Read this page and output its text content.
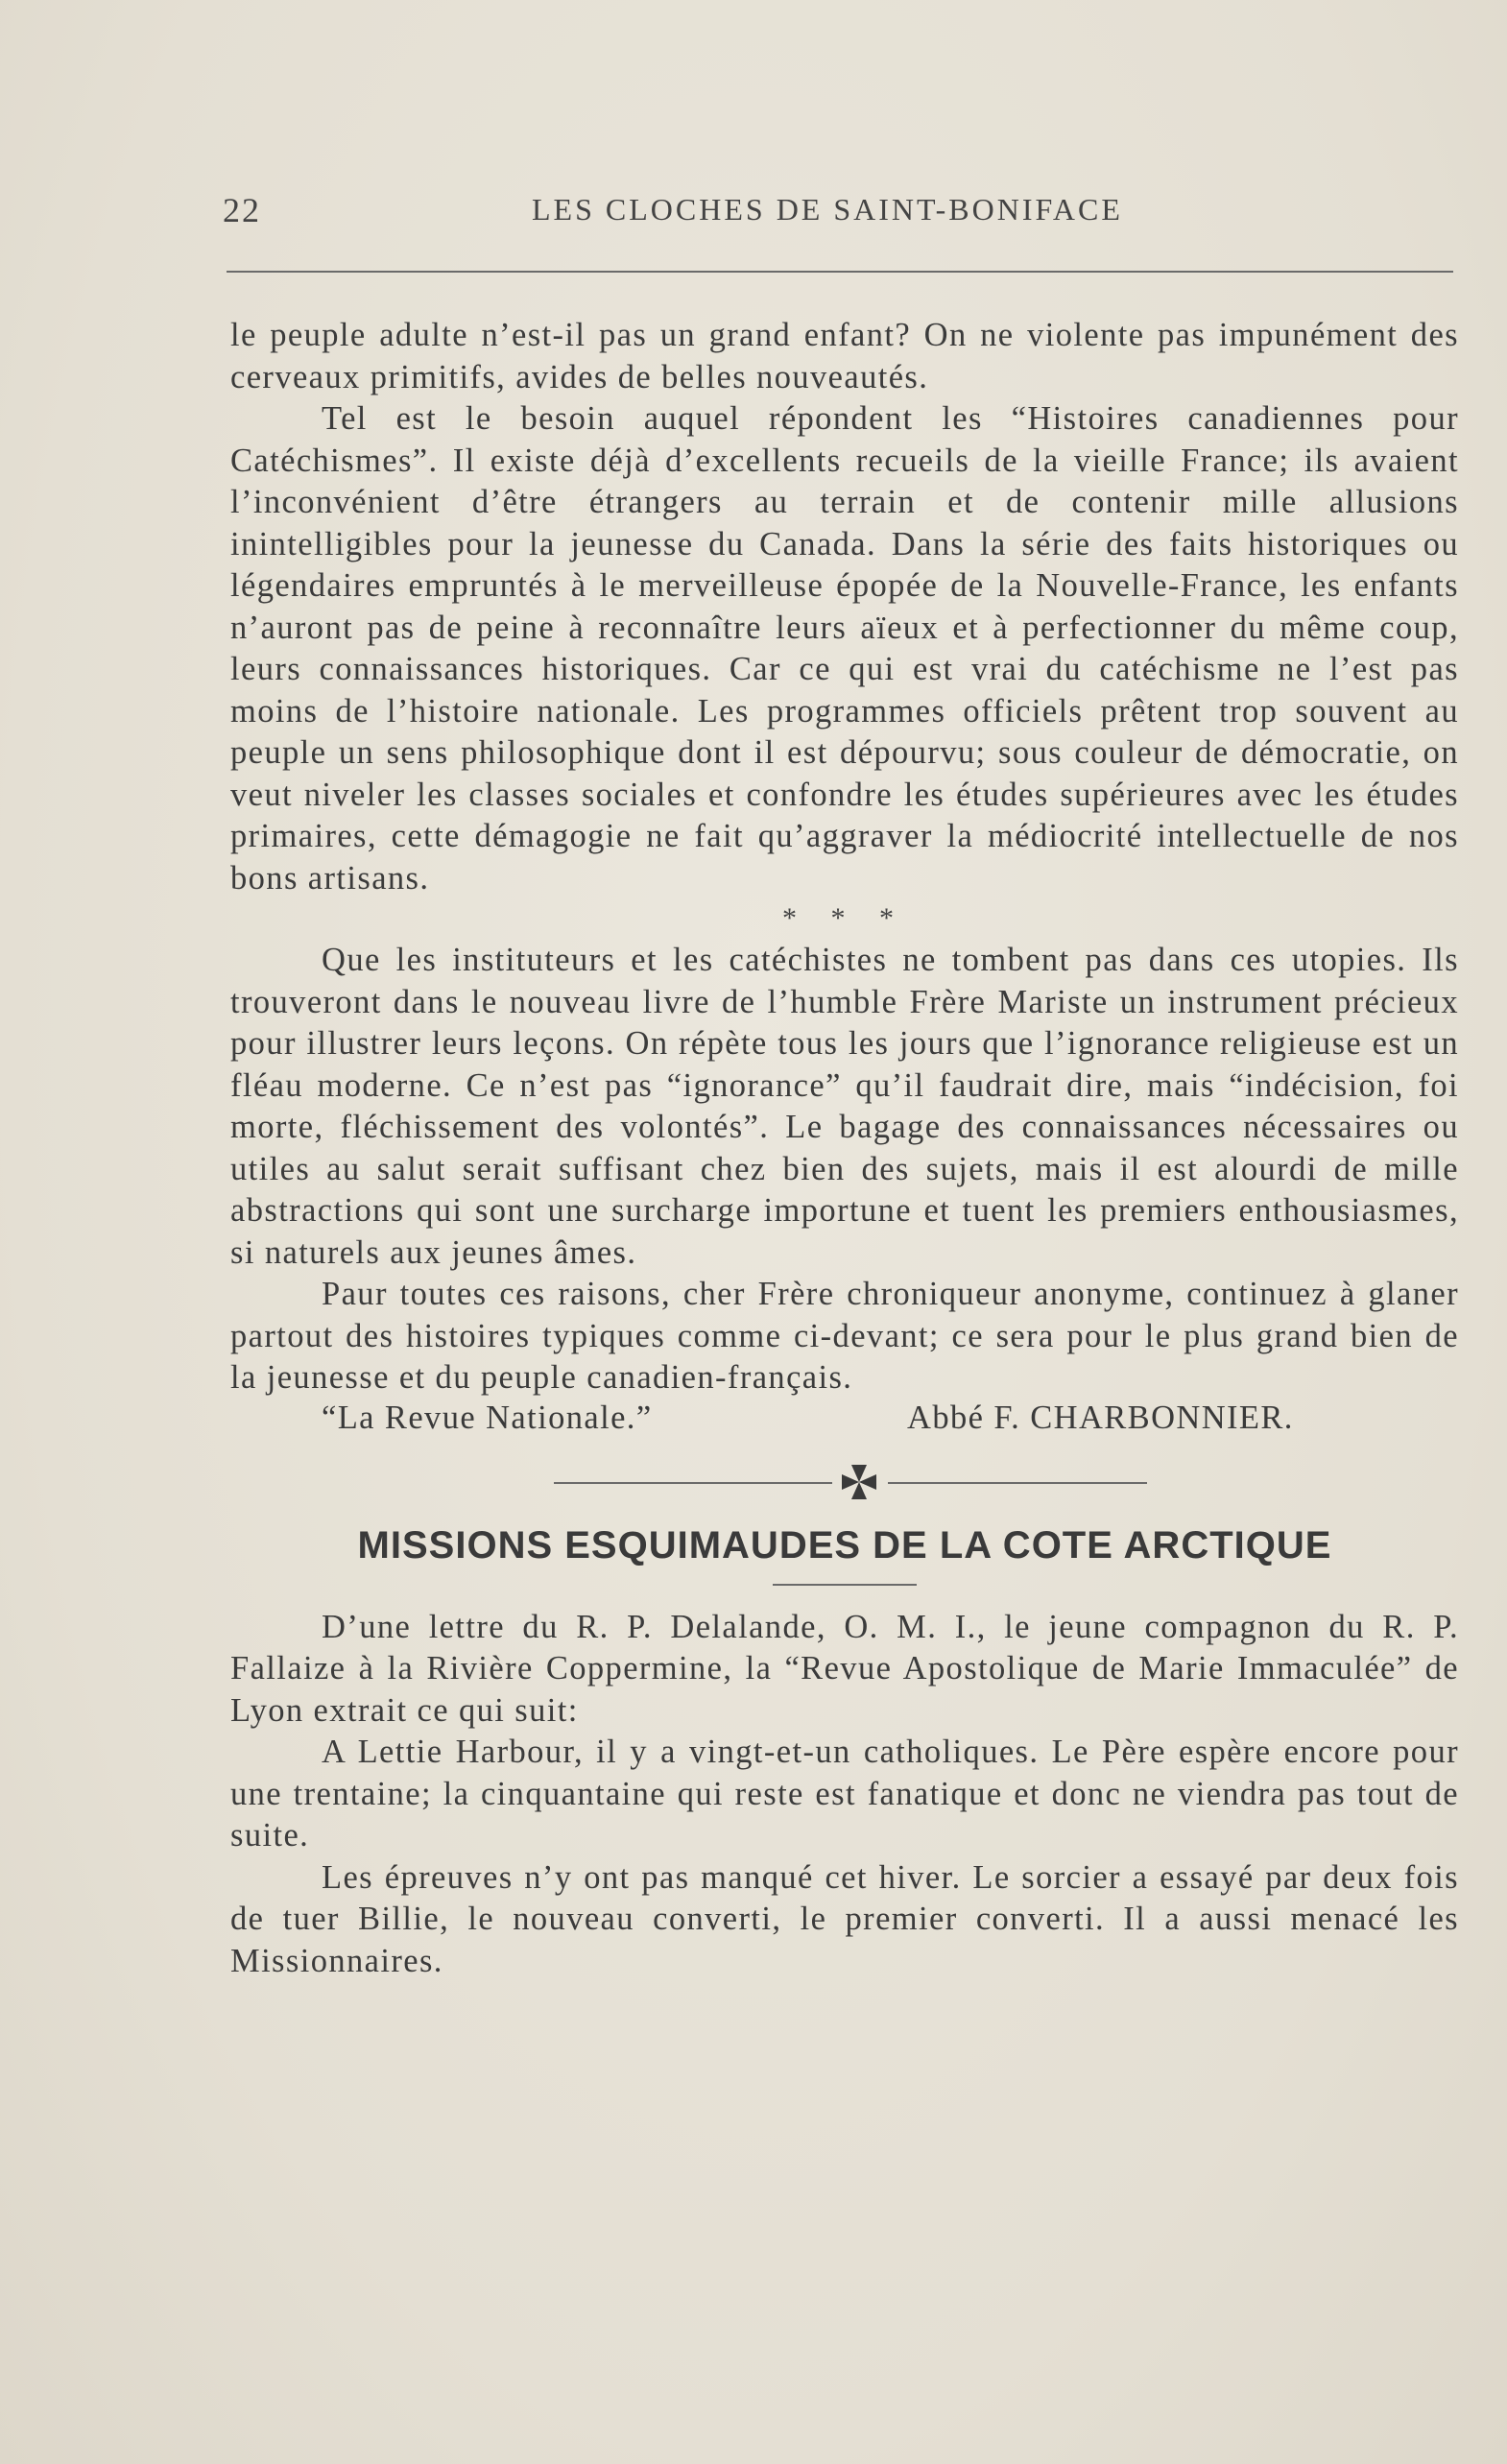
22	LES CLOCHES DE SAINT-BONIFACE

le peuple adulte n’est-il pas un grand enfant? On ne violente pas impunément des cerveaux primitifs, avides de belles nouveautés.

Tel est le besoin auquel répondent les “Histoires canadiennes pour Catéchismes”. Il existe déjà d’excellents recueils de la vieille France; ils avaient l’inconvénient d’être étrangers au terrain et de contenir mille allusions inintelligibles pour la jeunesse du Canada. Dans la série des faits historiques ou légendaires empruntés à le merveilleuse épopée de la Nouvelle-France, les enfants n’auront pas de peine à reconnaître leurs aïeux et à perfectionner du même coup, leurs connaissances historiques. Car ce qui est vrai du catéchisme ne l’est pas moins de l’histoire nationale. Les programmes officiels prêtent trop souvent au peuple un sens philosophique dont il est dépourvu; sous couleur de démocratie, on veut niveler les classes sociales et confondre les études supérieures avec les études primaires, cette démagogie ne fait qu’aggraver la médiocrité intellectuelle de nos bons artisans.

* * *

Que les instituteurs et les catéchistes ne tombent pas dans ces utopies. Ils trouveront dans le nouveau livre de l’humble Frère Mariste un instrument précieux pour illustrer leurs leçons. On répète tous les jours que l’ignorance religieuse est un fléau moderne. Ce n’est pas “ignorance” qu’il faudrait dire, mais “indécision, foi morte, fléchissement des volontés”. Le bagage des connaissances nécessaires ou utiles au salut serait suffisant chez bien des sujets, mais il est alourdi de mille abstractions qui sont une surcharge importune et tuent les premiers enthousiasmes, si naturels aux jeunes âmes.

Paur toutes ces raisons, cher Frère chroniqueur anonyme, continuez à glaner partout des histoires typiques comme ci-devant; ce sera pour le plus grand bien de la jeunesse et du peuple canadien-français.

“La Revue Nationale.”	Abbé F. CHARBONNIER.
MISSIONS ESQUIMAUDES DE LA COTE ARCTIQUE

D’une lettre du R. P. Delalande, O. M. I., le jeune compagnon du R. P. Fallaize à la Rivière Coppermine, la “Revue Apostolique de Marie Immaculée” de Lyon extrait ce qui suit:

A Lettie Harbour, il y a vingt-et-un catholiques. Le Père espère encore pour une trentaine; la cinquantaine qui reste est fanatique et donc ne viendra pas tout de suite.

Les épreuves n’y ont pas manqué cet hiver. Le sorcier a essayé par deux fois de tuer Billie, le nouveau converti, le premier converti. Il a aussi menacé les Missionnaires.
